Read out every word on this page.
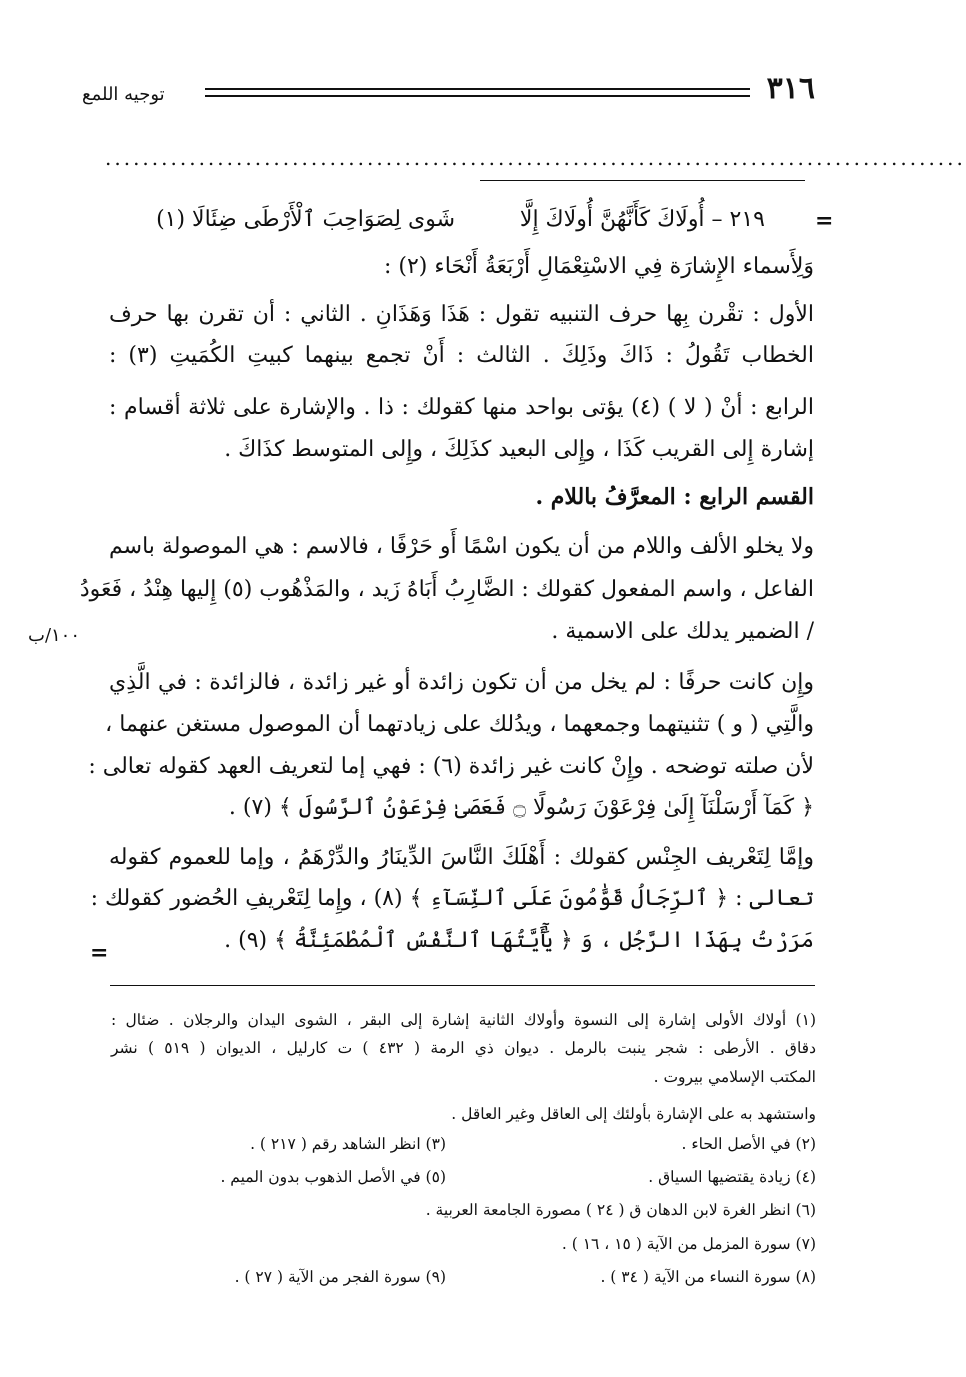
٣١٦
توجيه اللمع
............................................................................................
=
=
٢١٩ – أُولَاكَ كَأَنَّهُنَّ أُولَاكَ إِلَّا
شَوى لِصَوَاحِبَ ٱلْأَرْطَى ضِئَالَا (١)
١٠٠/ب
وَلِأَسماء الإِشارَة فِي الاسْتِعْمَالِ أَرْبَعَةُ أَنْحَاء (٢) :
الأول : تقْرن بِها حرف التنبيه تقول : هَذَا وَهَذَانِ . الثاني : أن تقرن بها حرف
الخطاب تَقُولُ : ذَاكَ وذَلِكَ . الثالث : أَنْ تجمع بينهما كبيتِ الكُمَيتِ (٣) :
الرابع : أنْ ( لا ) (٤) يؤتى بواحد منها كقولك : ذا . والإشارة على ثلاثة أقسام :
إشارة إِلى القريب كَذَا ، وإِلى البعيد كذَلِكَ ، وإِلى المتوسط كذَاكَ .
القسم الرابع : المعرَّفُ باللام .
ولا يخلو الألف واللام من أن يكون اسْمًا أَو حَرْفًا ، فالاسم : هي الموصولة باسم
الفاعل ، واسم المفعول كقولك : الضَّارِبُ أَبَاهُ زَيد ، والمَذْهُوب (٥) إِليها هِنْدُ ، فَعَودُ
/ الضمير يدلك على الاسمية .
وإِن كانت حرفًا : لم يخل من أن تكون زائدة أو غير زائدة ، فالزائدة : في الَّذِي
والَّتِي ( و ) تثنيتهما وجمعهما ، ويدُلك على زيادتهما أن الموصول مستغن عنهما ،
لأن صلته توضحه . وإِنْ كانت غير زائدة (٦) : فهي إما لتعريف العهد كقوله تعالى :
﴿ كَمَآ أَرْسَلْنَآ إِلَىٰ فِرْعَوْنَ رَسُولًا ۝ فَعَصَىٰ فِرْعَوْنُ ٱلرَّسُولَ ﴾ (٧) .
وإمَّا لِتَعْريف الجِنْس كقولك : أَهْلَكَ النَّاسَ الدِّينَارُ والدِّرْهَمُ ، وإما للعموم كقوله
تعالى : ﴿ ٱلرِّجَالُ قَوَّٰمُونَ عَلَى ٱلنِّسَآءِ ﴾ (٨) ، وإِما لِتَعْريفِ الحُضور كقولك :
مَرَرْتُ بِهَذَا الرَّجُل ، وَ ﴿ يَٰٓأَيَّتُهَا ٱلنَّفْسُ ٱلْمُطْمَئِنَّةُ ﴾ (٩) .
(١) أولاك الأولى إشارة إلى النسوة وأولاك الثانية إشارة إلى البقر ، الشوى اليدان والرجلان . ضئال :
دقاق . الأرطى : شجر ينبت بالرمل . ديوان ذي الرمة ( ٤٣٢ ) ت كارليل ، الديوان ( ٥١٩ ) نشر
المكتب الإسلامي بيروت .
واستشهد به على الإشارة بأولئك إلى العاقل وغير العاقل .
(٢) في الأصل الحاء .
(٣) انظر الشاهد رقم ( ٢١٧ ) .
(٤) زيادة يقتضيها السياق .
(٥) في الأصل الذهوب بدون الميم .
(٦) انظر الغرة لابن الدهان ق ( ٢٤ ) مصورة الجامعة العربية .
(٧) سورة المزمل من الآية ( ١٥ ، ١٦ ) .
(٨) سورة النساء من الآية ( ٣٤ ) .
(٩) سورة الفجر من الآية ( ٢٧ ) .
